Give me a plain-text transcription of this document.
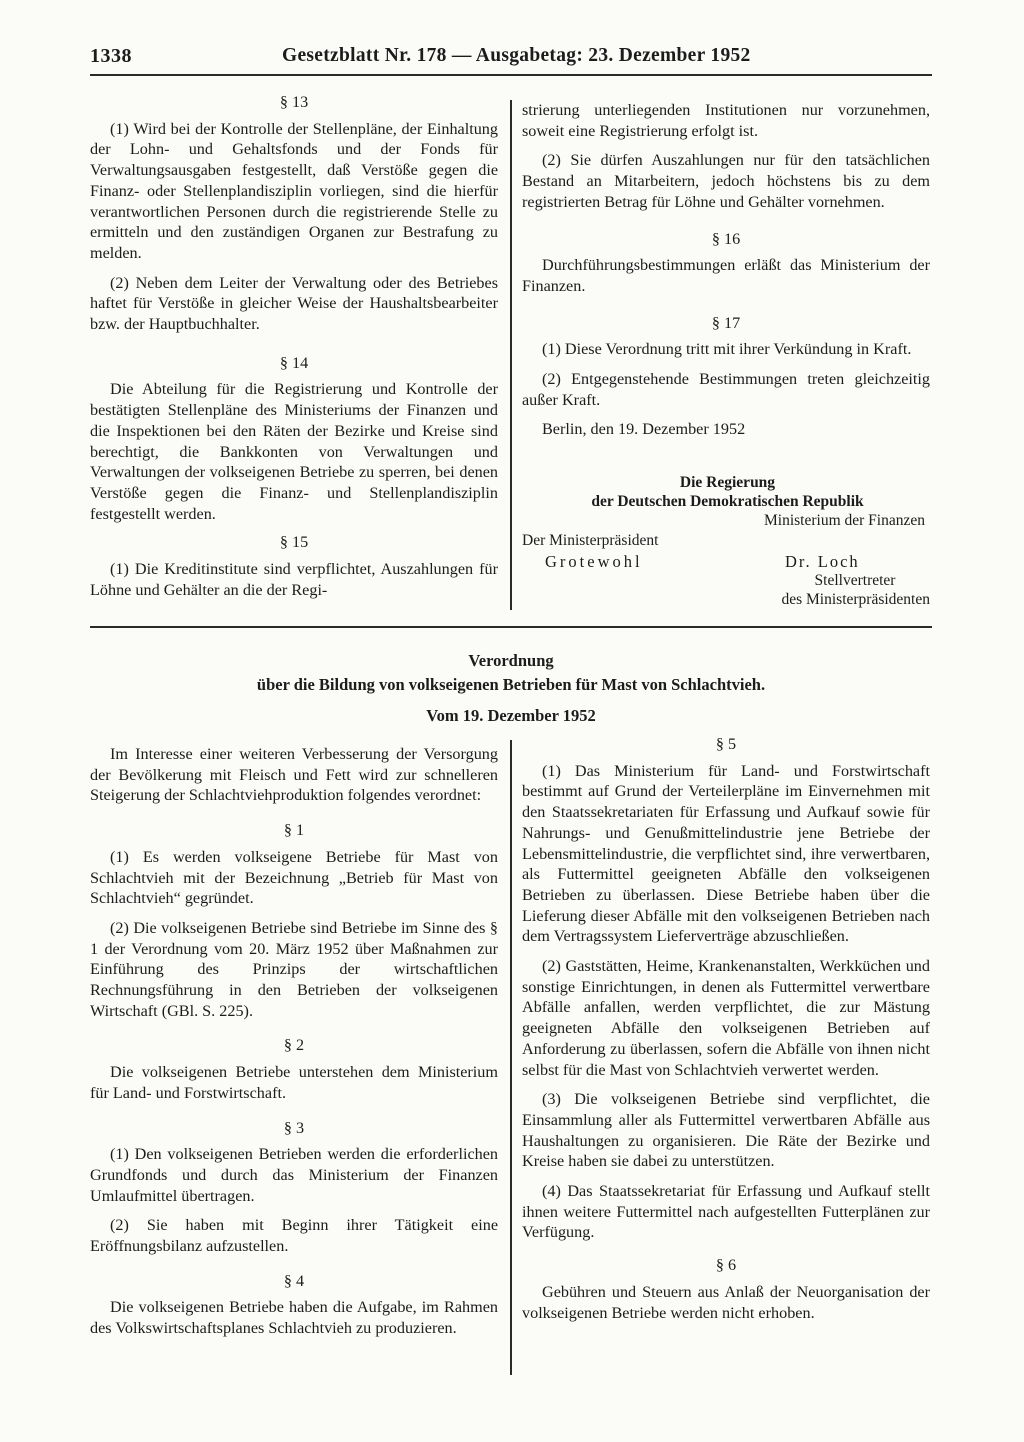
1338	Gesetzblatt Nr. 178 — Ausgabetag: 23. Dezember 1952
§ 13

(1) Wird bei der Kontrolle der Stellenpläne, der Einhaltung der Lohn- und Gehaltsfonds und der Fonds für Verwaltungsausgaben festgestellt, daß Verstöße gegen die Finanz- oder Stellenplandisziplin vorliegen, sind die hierfür verantwortlichen Personen durch die registrierende Stelle zu ermitteln und den zuständigen Organen zur Bestrafung zu melden.

(2) Neben dem Leiter der Verwaltung oder des Betriebes haftet für Verstöße in gleicher Weise der Haushaltsbearbeiter bzw. der Hauptbuchhalter.

§ 14

Die Abteilung für die Registrierung und Kontrolle der bestätigten Stellenpläne des Ministeriums der Finanzen und die Inspektionen bei den Räten der Bezirke und Kreise sind berechtigt, die Bankkonten von Verwaltungen und Verwaltungen der volkseigenen Betriebe zu sperren, bei denen Verstöße gegen die Finanz- und Stellenplandisziplin festgestellt werden.

§ 15

(1) Die Kreditinstitute sind verpflichtet, Auszahlungen für Löhne und Gehälter an die der Regi-

strierung unterliegenden Institutionen nur vorzunehmen, soweit eine Registrierung erfolgt ist.

(2) Sie dürfen Auszahlungen nur für den tatsächlichen Bestand an Mitarbeitern, jedoch höchstens bis zu dem registrierten Betrag für Löhne und Gehälter vornehmen.

§ 16

Durchführungsbestimmungen erläßt das Ministerium der Finanzen.

§ 17

(1) Diese Verordnung tritt mit ihrer Verkündung in Kraft.

(2) Entgegenstehende Bestimmungen treten gleichzeitig außer Kraft.

Berlin, den 19. Dezember 1952

Die Regierung
der Deutschen Demokratischen Republik
Ministerium der Finanzen
Der Ministerpräsident
Grotewohl	Dr. Loch
Stellvertreter
des Ministerpräsidenten
Verordnung
über die Bildung von volkseigenen Betrieben für Mast von Schlachtvieh.
Vom 19. Dezember 1952

Im Interesse einer weiteren Verbesserung der Versorgung der Bevölkerung mit Fleisch und Fett wird zur schnelleren Steigerung der Schlachtviehproduktion folgendes verordnet:

§ 1

(1) Es werden volkseigene Betriebe für Mast von Schlachtvieh mit der Bezeichnung „Betrieb für Mast von Schlachtvieh“ gegründet.

(2) Die volkseigenen Betriebe sind Betriebe im Sinne des § 1 der Verordnung vom 20. März 1952 über Maßnahmen zur Einführung des Prinzips der wirtschaftlichen Rechnungsführung in den Betrieben der volkseigenen Wirtschaft (GBl. S. 225).

§ 2

Die volkseigenen Betriebe unterstehen dem Ministerium für Land- und Forstwirtschaft.

§ 3

(1) Den volkseigenen Betrieben werden die erforderlichen Grundfonds und durch das Ministerium der Finanzen Umlaufmittel übertragen.

(2) Sie haben mit Beginn ihrer Tätigkeit eine Eröffnungsbilanz aufzustellen.

§ 4

Die volkseigenen Betriebe haben die Aufgabe, im Rahmen des Volkswirtschaftsplanes Schlachtvieh zu produzieren.

§ 5

(1) Das Ministerium für Land- und Forstwirtschaft bestimmt auf Grund der Verteilerpläne im Einvernehmen mit den Staatssekretariaten für Erfassung und Aufkauf sowie für Nahrungs- und Genußmittelindustrie jene Betriebe der Lebensmittelindustrie, die verpflichtet sind, ihre verwertbaren, als Futtermittel geeigneten Abfälle den volkseigenen Betrieben zu überlassen. Diese Betriebe haben über die Lieferung dieser Abfälle mit den volkseigenen Betrieben nach dem Vertragssystem Lieferverträge abzuschließen.

(2) Gaststätten, Heime, Krankenanstalten, Werkküchen und sonstige Einrichtungen, in denen als Futtermittel verwertbare Abfälle anfallen, werden verpflichtet, die zur Mästung geeigneten Abfälle den volkseigenen Betrieben auf Anforderung zu überlassen, sofern die Abfälle von ihnen nicht selbst für die Mast von Schlachtvieh verwertet werden.

(3) Die volkseigenen Betriebe sind verpflichtet, die Einsammlung aller als Futtermittel verwertbaren Abfälle aus Haushaltungen zu organisieren. Die Räte der Bezirke und Kreise haben sie dabei zu unterstützen.

(4) Das Staatssekretariat für Erfassung und Aufkauf stellt ihnen weitere Futtermittel nach aufgestellten Futterplänen zur Verfügung.

§ 6

Gebühren und Steuern aus Anlaß der Neuorganisation der volkseigenen Betriebe werden nicht erhoben.
